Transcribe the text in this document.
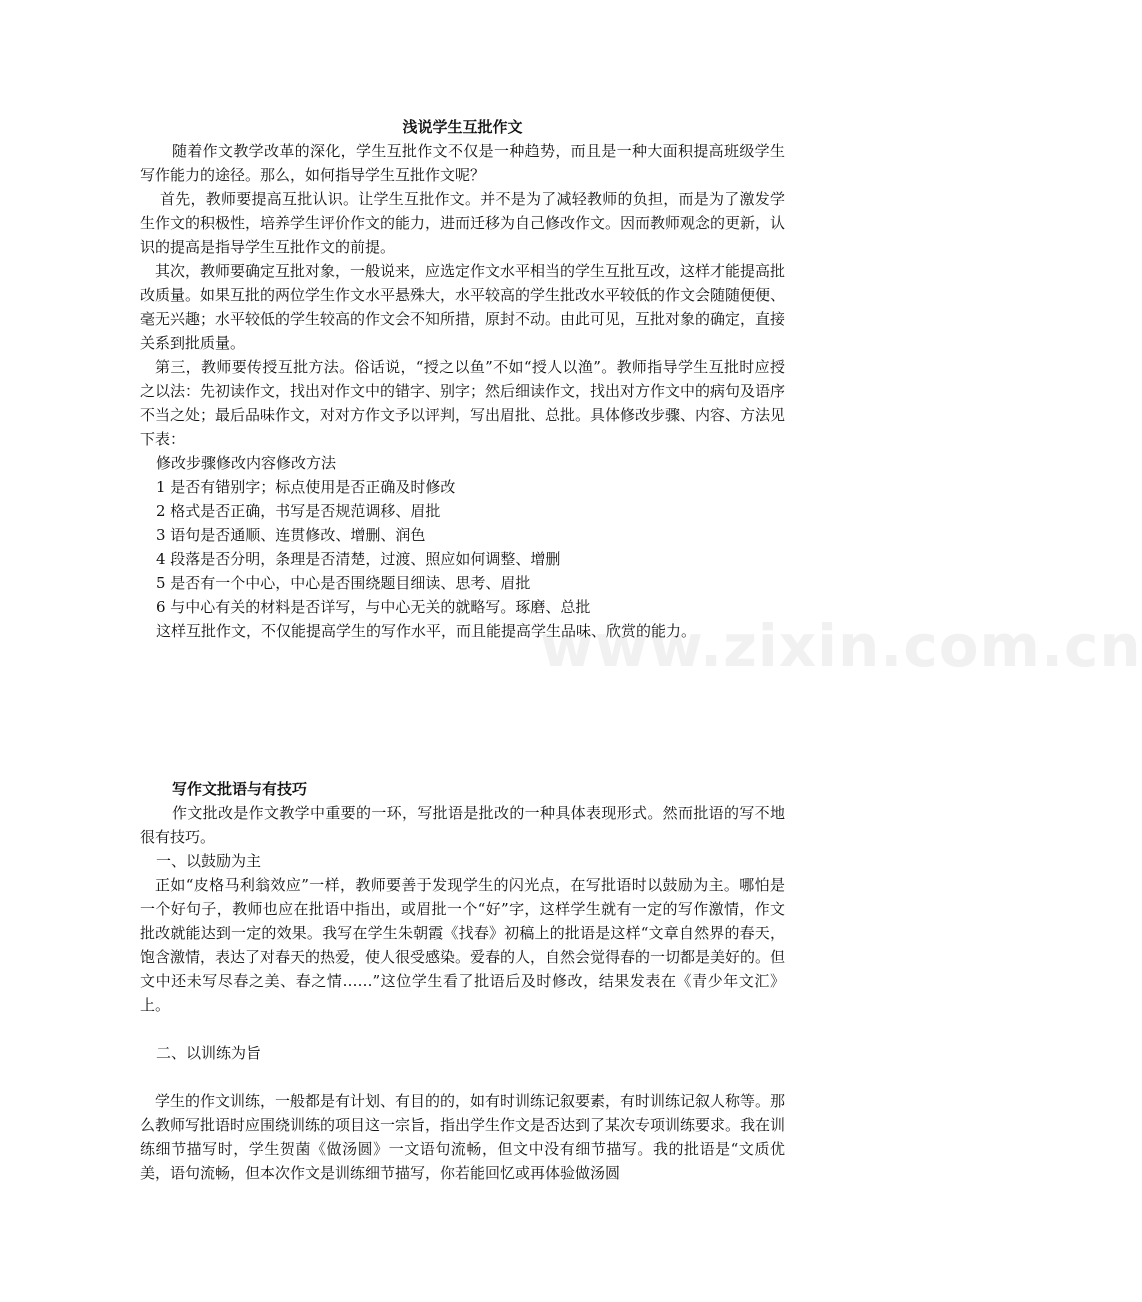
www.zixin.com.cn
浅说学生互批作文

随着作文教学改革的深化，学生互批作文不仅是一种趋势，而且是一种大面积提高班级学生写作能力的途径。那么，如何指导学生互批作文呢？

首先，教师要提高互批认识。让学生互批作文。并不是为了减轻教师的负担，而是为了激发学生作文的积极性，培养学生评价作文的能力，进而迁移为自己修改作文。因而教师观念的更新，认识的提高是指导学生互批作文的前提。

其次，教师要确定互批对象，一般说来，应选定作文水平相当的学生互批互改，这样才能提高批改质量。如果互批的两位学生作文水平悬殊大，水平较高的学生批改水平较低的作文会随随便便、毫无兴趣；水平较低的学生较高的作文会不知所措，原封不动。由此可见，互批对象的确定，直接关系到批质量。

第三，教师要传授互批方法。俗话说，“授之以鱼”不如“授人以渔”。教师指导学生互批时应授之以法：先初读作文，找出对作文中的错字、别字；然后细读作文，找出对方作文中的病句及语序不当之处；最后品味作文，对对方作文予以评判，写出眉批、总批。具体修改步骤、内容、方法见下表：

修改步骤修改内容修改方法

1 是否有错别字；标点使用是否正确及时修改

2 格式是否正确，书写是否规范调移、眉批

3 语句是否通顺、连贯修改、增删、润色

4 段落是否分明，条理是否清楚，过渡、照应如何调整、增删

5 是否有一个中心，中心是否围绕题目细读、思考、眉批

6 与中心有关的材料是否详写，与中心无关的就略写。琢磨、总批

这样互批作文，不仅能提高学生的写作水平，而且能提高学生品味、欣赏的能力。

写作文批语与有技巧

作文批改是作文教学中重要的一环，写批语是批改的一种具体表现形式。然而批语的写不地很有技巧。

一、以鼓励为主

正如“皮格马利翁效应”一样，教师要善于发现学生的闪光点，在写批语时以鼓励为主。哪怕是一个好句子，教师也应在批语中指出，或眉批一个“好”字，这样学生就有一定的写作激情，作文批改就能达到一定的效果。我写在学生朱朝霞《找春》初稿上的批语是这样“文章自然界的春天，饱含激情，表达了对春天的热爱，使人很受感染。爱春的人，自然会觉得春的一切都是美好的。但文中还未写尽春之美、春之情……”这位学生看了批语后及时修改，结果发表在《青少年文汇》上。

二、以训练为旨

学生的作文训练，一般都是有计划、有目的的，如有时训练记叙要素，有时训练记叙人称等。那么教师写批语时应围绕训练的项目这一宗旨，指出学生作文是否达到了某次专项训练要求。我在训练细节描写时，学生贺菌《做汤圆》一文语句流畅，但文中没有细节描写。我的批语是“文质优美，语句流畅，但本次作文是训练细节描写，你若能回忆或再体验做汤圆
